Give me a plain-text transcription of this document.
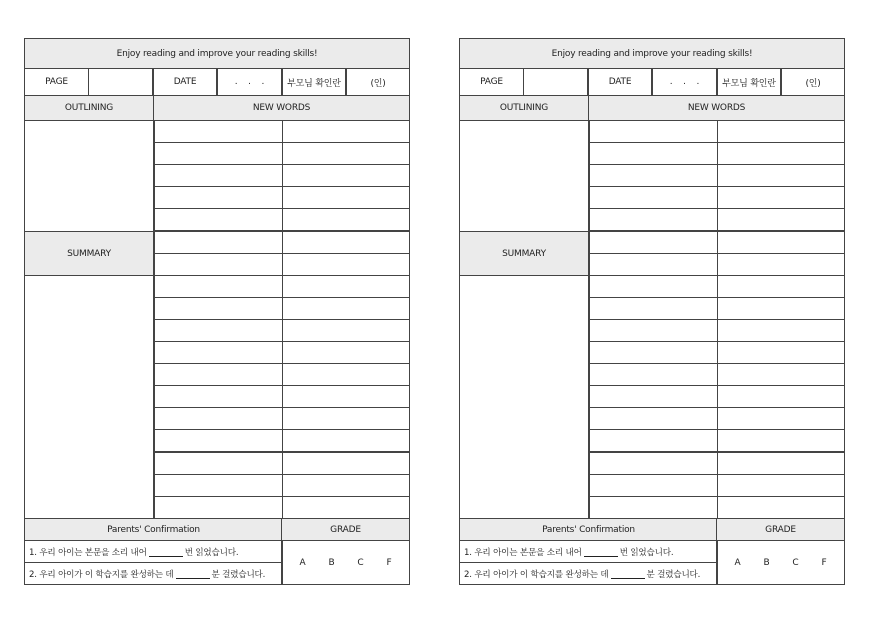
Enjoy reading and improve your reading skills!
PAGE	DATE	. . .	부모님 확인란	(인)
OUTLINING	NEW WORDS
SUMMARY
Parents' Confirmation	GRADE
1. 우리 아이는 본문을 소리 내어	번 읽었습니다.
2. 우리 아이가 이 학습지를 완성하는 데	분 걸렸습니다.
A	B	C	F
Enjoy reading and improve your reading skills!
PAGE	DATE	. . .	부모님 확인란	(인)
OUTLINING	NEW WORDS
SUMMARY
Parents' Confirmation	GRADE
1. 우리 아이는 본문을 소리 내어	번 읽었습니다.
2. 우리 아이가 이 학습지를 완성하는 데	분 걸렸습니다.
A	B	C	F
